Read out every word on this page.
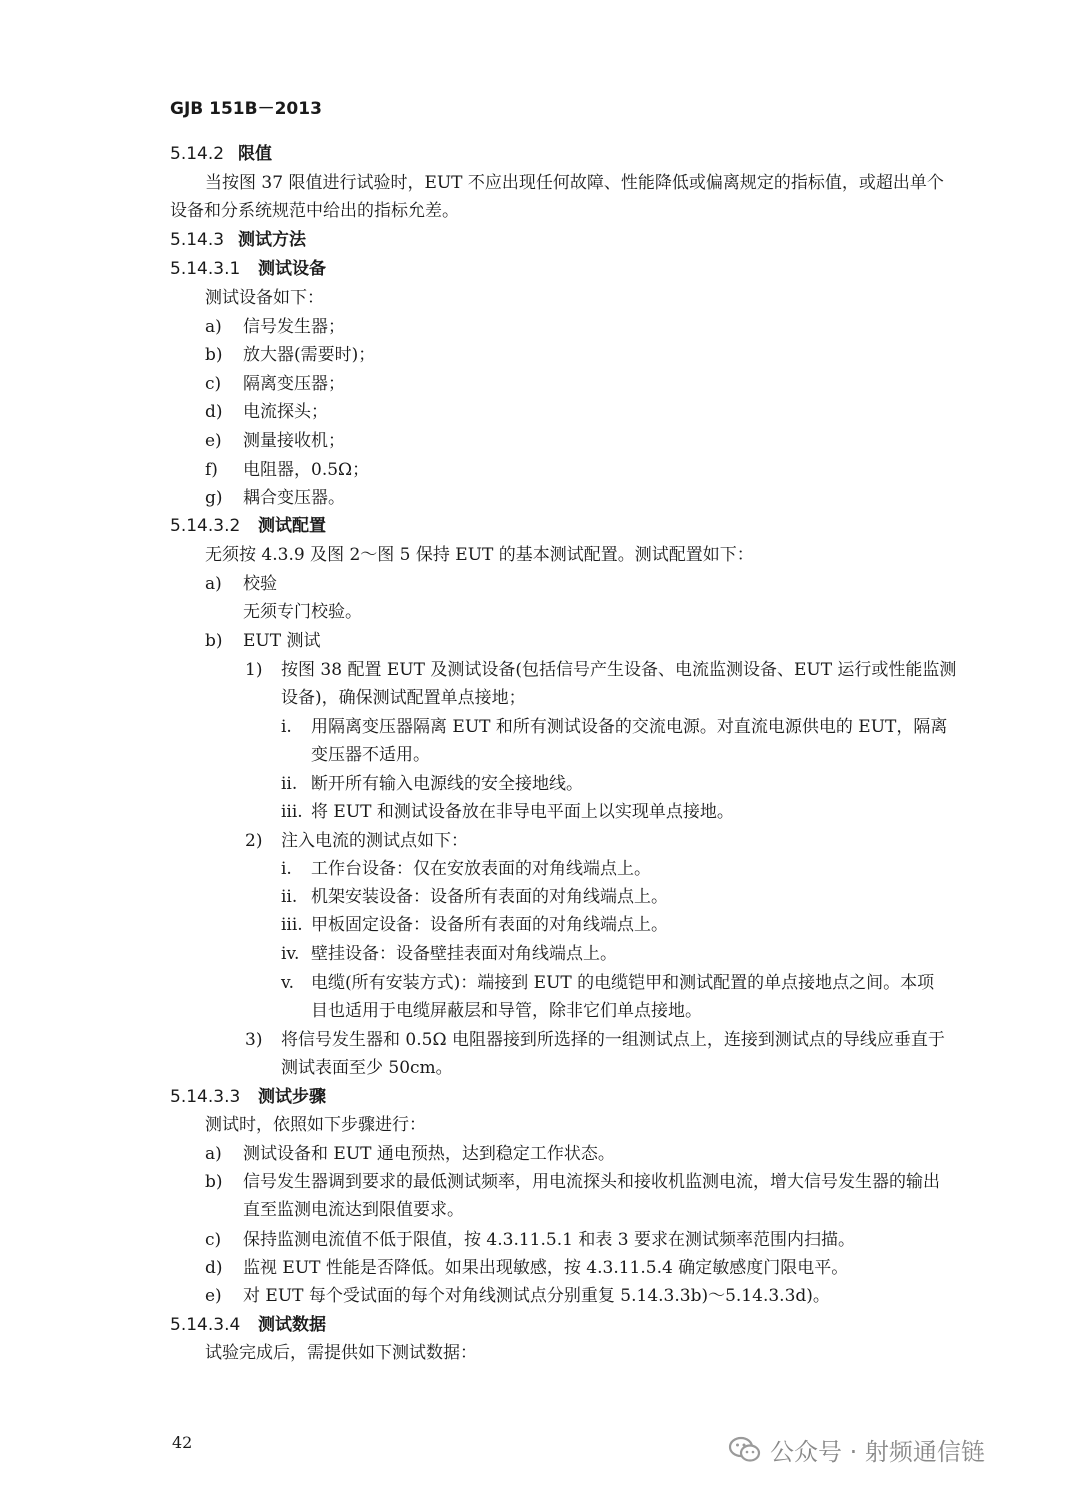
GJB 151B－2013
5.14.2 限值
当按图 37 限值进行试验时，EUT 不应出现任何故障、性能降低或偏离规定的指标值，或超出单个
设备和分系统规范中给出的指标允差。
5.14.3 测试方法
5.14.3.1 测试设备
测试设备如下：
a) 信号发生器；
b) 放大器(需要时)；
c) 隔离变压器；
d) 电流探头；
e) 测量接收机；
f) 电阻器，0.5Ω；
g) 耦合变压器。
5.14.3.2 测试配置
无须按 4.3.9 及图 2～图 5 保持 EUT 的基本测试配置。测试配置如下：
a) 校验
无须专门校验。
b) EUT 测试
1) 按图 38 配置 EUT 及测试设备(包括信号产生设备、电流监测设备、EUT 运行或性能监测
设备)，确保测试配置单点接地；
i. 用隔离变压器隔离 EUT 和所有测试设备的交流电源。对直流电源供电的 EUT，隔离
变压器不适用。
ii. 断开所有输入电源线的安全接地线。
iii. 将 EUT 和测试设备放在非导电平面上以实现单点接地。
2) 注入电流的测试点如下：
i. 工作台设备：仅在安放表面的对角线端点上。
ii. 机架安装设备：设备所有表面的对角线端点上。
iii. 甲板固定设备：设备所有表面的对角线端点上。
iv. 壁挂设备：设备壁挂表面对角线端点上。
v. 电缆(所有安装方式)：端接到 EUT 的电缆铠甲和测试配置的单点接地点之间。本项
目也适用于电缆屏蔽层和导管，除非它们单点接地。
3) 将信号发生器和 0.5Ω 电阻器接到所选择的一组测试点上，连接到测试点的导线应垂直于
测试表面至少 50cm。
5.14.3.3 测试步骤
测试时，依照如下步骤进行：
a) 测试设备和 EUT 通电预热，达到稳定工作状态。
b) 信号发生器调到要求的最低测试频率，用电流探头和接收机监测电流，增大信号发生器的输出
直至监测电流达到限值要求。
c) 保持监测电流值不低于限值，按 4.3.11.5.1 和表 3 要求在测试频率范围内扫描。
d) 监视 EUT 性能是否降低。如果出现敏感，按 4.3.11.5.4 确定敏感度门限电平。
e) 对 EUT 每个受试面的每个对角线测试点分别重复 5.14.3.3b)～5.14.3.3d)。
5.14.3.4 测试数据
试验完成后，需提供如下测试数据：
42	公众号 · 射频通信链
